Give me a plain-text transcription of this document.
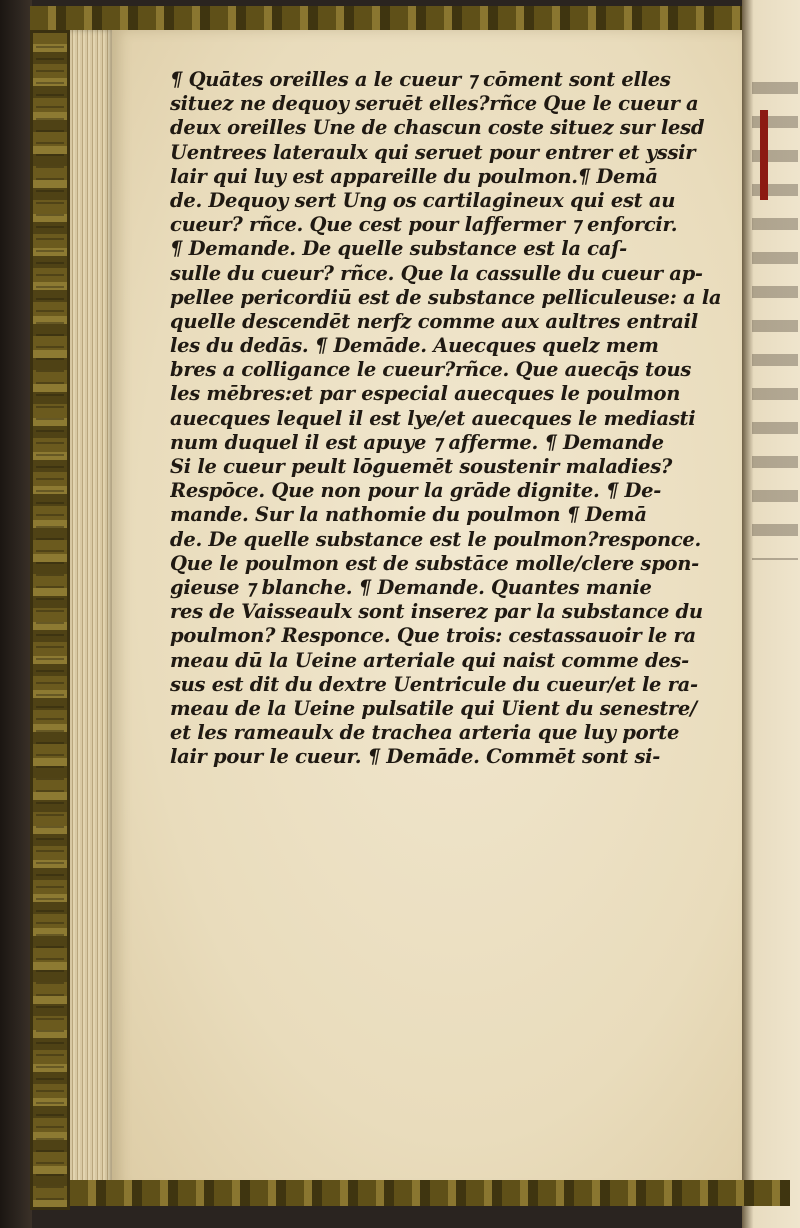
¶ Quātes oreilles a le cueur ⁊ cōment sont elles
situez ne dequoy seruēt elles?rñce Que le cueur a
deux oreilles Une de chascun coste situez sur lesd
Uentrees lateraulx qui seruet pour entrer et yssir
lair qui luy est appareille du poulmon.¶ Demā
de. Dequoy sert Ung os cartilagineux qui est au
cueur? rñce. Que cest pour laffermer ⁊ enforcir.
¶ Demande. De quelle substance est la caſ-
sulle du cueur? rñce. Que la cassulle du cueur ap-
pellee pericordiū est de substance pelliculeuse: a la
quelle descendēt nerfz comme aux aultres entrail
les du dedās. ¶ Demāde. Auecques quelz mem
bres a colligance le cueur?rñce. Que auecq̄s tous
les mēbres:et par especial auecques le poulmon
auecques lequel il est lye/et auecques le mediasti
num duquel il est apuye ⁊ afferme. ¶ Demande
Si le cueur peult lōguemēt soustenir maladies?
Respōce. Que non pour la grāde dignite. ¶ De-
mande. Sur la nathomie du poulmon ¶ Demā
de. De quelle substance est le poulmon?responce.
Que le poulmon est de substāce molle/clere spon-
gieuse ⁊ blanche. ¶ Demande. Quantes manie
res de Vaisseaulx sont inserez par la substance du
poulmon? Responce. Que trois: cestassauoir le ra
meau dū la Ueine arteriale qui naist comme des-
sus est dit du dextre Uentricule du cueur/et le ra-
meau de la Ueine pulsatile qui Uient du senestre/
et les rameaulx de trachea arteria que luy porte
lair pour le cueur. ¶ Demāde. Commēt sont si-
